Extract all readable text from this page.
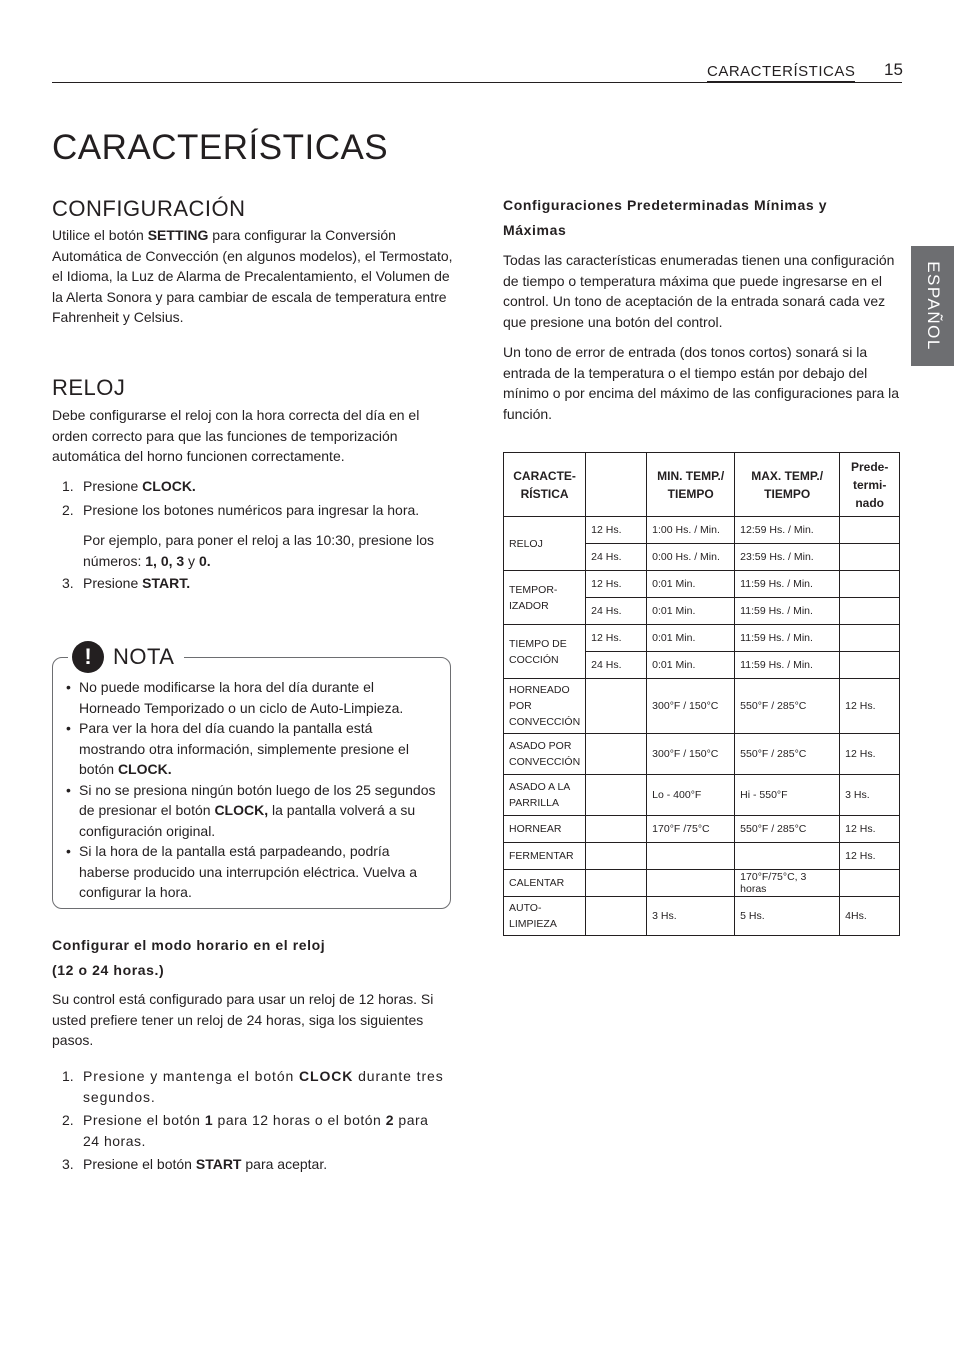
CARACTERÍSTICAS 15
ESPAÑOL
CARACTERÍSTICAS
CONFIGURACIÓN

Utilice el botón SETTING para configurar la Conversión Automática de Convección (en algunos modelos), el Termostato, el Idioma, la Luz de Alarma de Precalentamiento, el Volumen de la Alerta Sonora y para cambiar de escala de temperatura entre Fahrenheit y Celsius.

RELOJ

Debe configurarse el reloj con la hora correcta del día en el orden correcto para que las funciones de temporización automática del horno funcionen correctamente.

1. Presione CLOCK.
2. Presione los botones numéricos para ingresar la hora.
Por ejemplo, para poner el reloj a las 10:30, presione los números: 1, 0, 3 y 0.
3. Presione START.
! NOTA
• No puede modificarse la hora del día durante el Horneado Temporizado o un ciclo de Auto-Limpieza.
• Para ver la hora del día cuando la pantalla está mostrando otra información, simplemente presione el botón CLOCK.
• Si no se presiona ningún botón luego de los 25 segundos de presionar el botón CLOCK, la pantalla volverá a su configuración original.
• Si la hora de la pantalla está parpadeando, podría haberse producido una interrupción eléctrica. Vuelva a configurar la hora.
Configurar el modo horario en el reloj
(12 o 24 horas.)

Su control está configurado para usar un reloj de 12 horas. Si usted prefiere tener un reloj de 24 horas, siga los siguientes pasos.

1. Presione y mantenga el botón CLOCK durante tres segundos.
2. Presione el botón 1 para 12 horas o el botón 2 para 24 horas.
3. Presione el botón START para aceptar.
Configuraciones Predeterminadas Mínimas y
Máximas

Todas las características enumeradas tienen una configuración de tiempo o temperatura máxima que puede ingresarse en el control. Un tono de aceptación de la entrada sonará cada vez que presione una botón del control.

Un tono de error de entrada (dos tonos cortos) sonará si la entrada de la temperatura o el tiempo están por debajo del mínimo o por encima del máximo de las configuraciones para la función.

CARACTE-RÍSTICA		MIN. TEMP./ TIEMPO	MAX. TEMP./ TIEMPO	Prede-termi-nado
RELOJ	12 Hs.	1:00 Hs. / Min.	12:59 Hs. / Min.	
	24 Hs.	0:00 Hs. / Min.	23:59 Hs. / Min.	
TEMPOR-IZADOR	12 Hs.	0:01 Min.	11:59 Hs. / Min.	
	24 Hs.	0:01 Min.	11:59 Hs. / Min.	
TIEMPO DE COCCIÓN	12 Hs.	0:01 Min.	11:59 Hs. / Min.	
	24 Hs.	0:01 Min.	11:59 Hs. / Min.	
HORNEADO POR CONVECCIÓN		300°F / 150°C	550°F / 285°C	12 Hs.
ASADO POR CONVECCIÓN		300°F / 150°C	550°F / 285°C	12 Hs.
ASADO A LA PARRILLA		Lo - 400°F	Hi - 550°F	3 Hs.
HORNEAR		170°F /75°C	550°F / 285°C	12 Hs.
FERMENTAR				12 Hs.
CALENTAR			170°F/75°C, 3 horas	
AUTO-LIMPIEZA		3 Hs.	5 Hs.	4Hs.
